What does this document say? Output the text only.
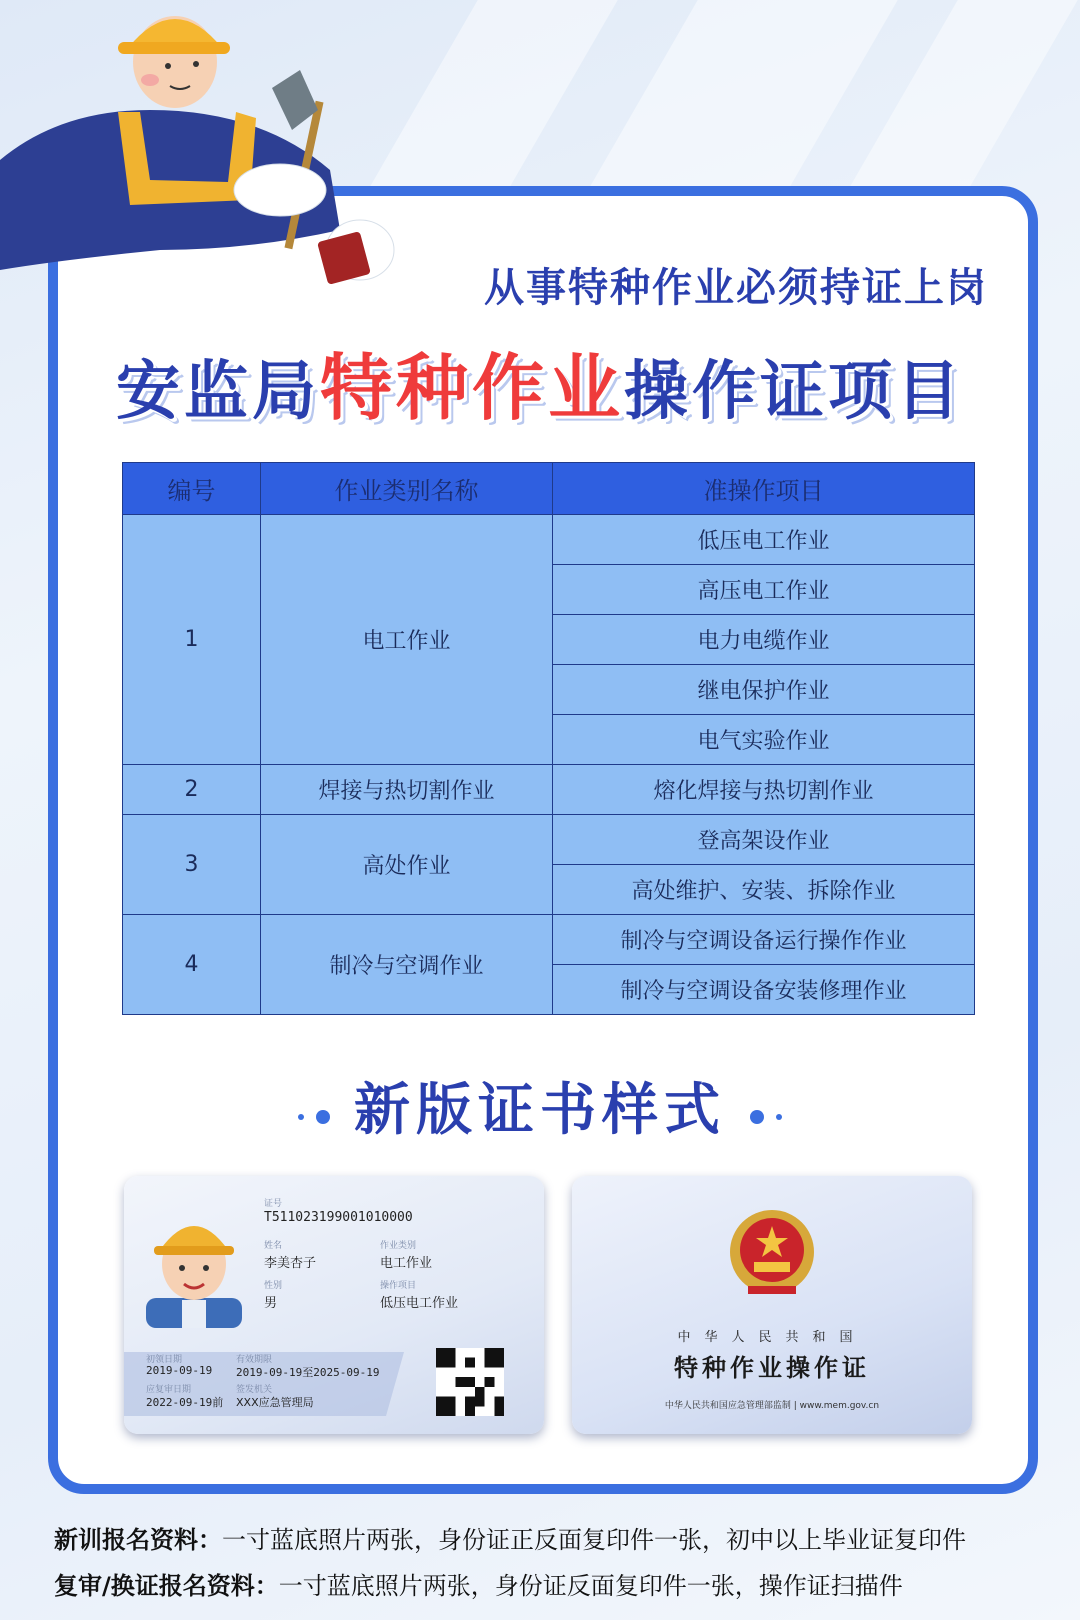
从事特种作业必须持证上岗
安监局特种作业操作证项目
编号	作业类别名称	准操作项目
1	电工作业	低压电工作业
		高压电工作业
		电力电缆作业
		继电保护作业
		电气实验作业
2	焊接与热切割作业	熔化焊接与热切割作业
3	高处作业	登高架设作业
		高处维护、安装、拆除作业
4	制冷与空调作业	制冷与空调设备运行操作作业
		制冷与空调设备安装修理作业
新版证书样式
证号
T511023199001010000
姓名
李美杏子
作业类别
电工作业
性别
男
操作项目
低压电工作业
初领日期
2019-09-19
有效期限
2019-09-19至2025-09-19
应复审日期
2022-09-19前
签发机关
XXX应急管理局
中华人民共和国
特种作业操作证
中华人民共和国应急管理部监制 | www.mem.gov.cn
新训报名资料：一寸蓝底照片两张，身份证正反面复印件一张，初中以上毕业证复印件
复审/换证报名资料：一寸蓝底照片两张，身份证反面复印件一张，操作证扫描件
